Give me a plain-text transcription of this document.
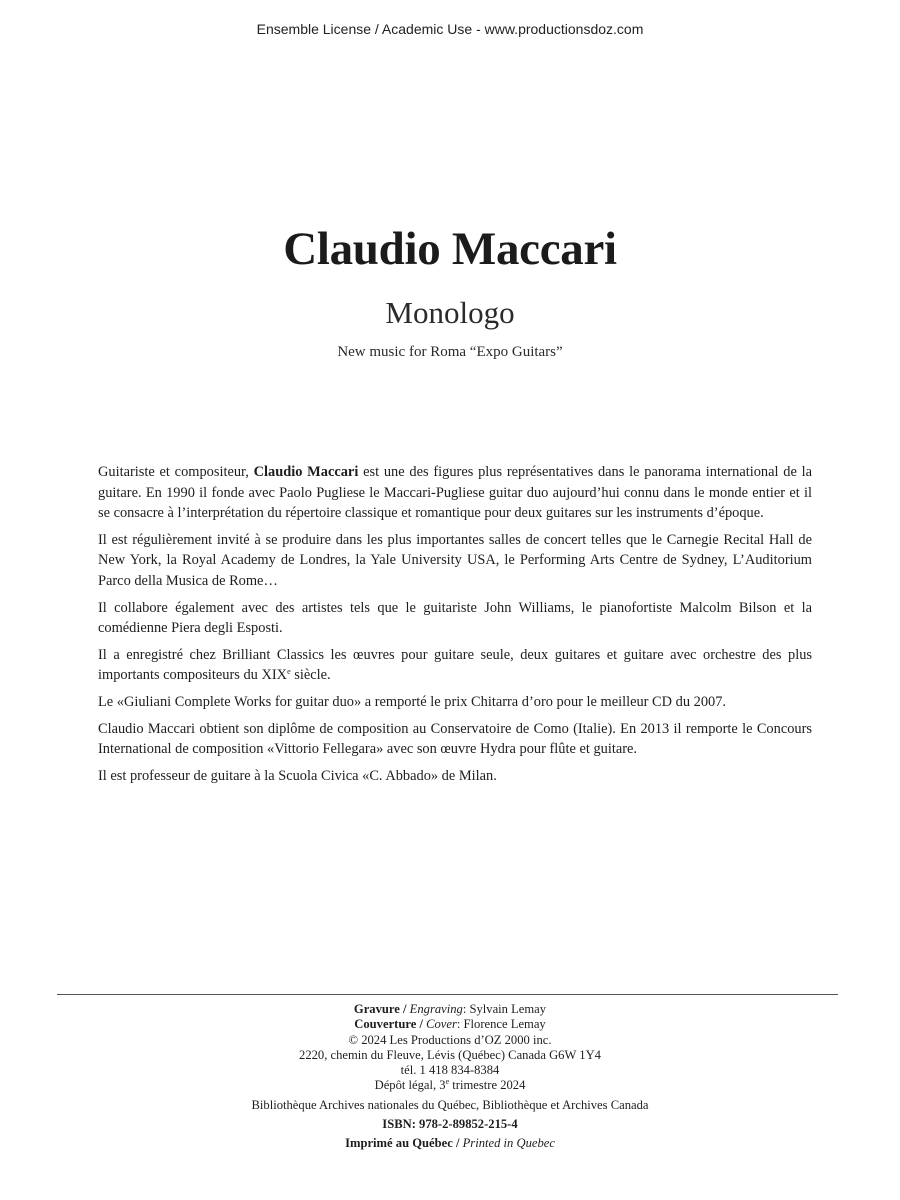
Ensemble License / Academic Use - www.productionsdoz.com
Claudio Maccari
Monologo
New music for Roma “Expo Guitars”

Guitariste et compositeur, Claudio Maccari est une des figures plus représentatives dans le panorama international de la guitare. En 1990 il fonde avec Paolo Pugliese le Maccari-Pugliese guitar duo aujourd’hui connu dans le monde entier et il se consacre à l’interprétation du répertoire classique et romantique pour deux guitares sur les instruments d’époque.

Il est régulièrement invité à se produire dans les plus importantes salles de concert telles que le Carnegie Recital Hall de New York, la Royal Academy de Londres, la Yale University USA, le Performing Arts Centre de Sydney, L’Auditorium Parco della Musica de Rome…

Il collabore également avec des artistes tels que le guitariste John Williams, le pianofortiste Malcolm Bilson et la comédienne Piera degli Esposti.

Il a enregistré chez Brilliant Classics les œuvres pour guitare seule, deux guitares et guitare avec orchestre des plus importants compositeurs du XIXe siècle.

Le «Giuliani Complete Works for guitar duo» a remporté le prix Chitarra d’oro pour le meilleur CD du 2007.

Claudio Maccari obtient son diplôme de composition au Conservatoire de Como (Italie). En 2013 il remporte le Concours International de composition «Vittorio Fellegara» avec son œuvre Hydra pour flûte et guitare.

Il est professeur de guitare à la Scuola Civica «C. Abbado» de Milan.

Gravure / Engraving: Sylvain Lemay
Couverture / Cover: Florence Lemay
© 2024 Les Productions d’OZ 2000 inc.
2220, chemin du Fleuve, Lévis (Québec) Canada G6W 1Y4
tél. 1 418 834-8384
Dépôt légal, 3e trimestre 2024
Bibliothèque Archives nationales du Québec, Bibliothèque et Archives Canada
ISBN: 978-2-89852-215-4
Imprimé au Québec / Printed in Quebec
